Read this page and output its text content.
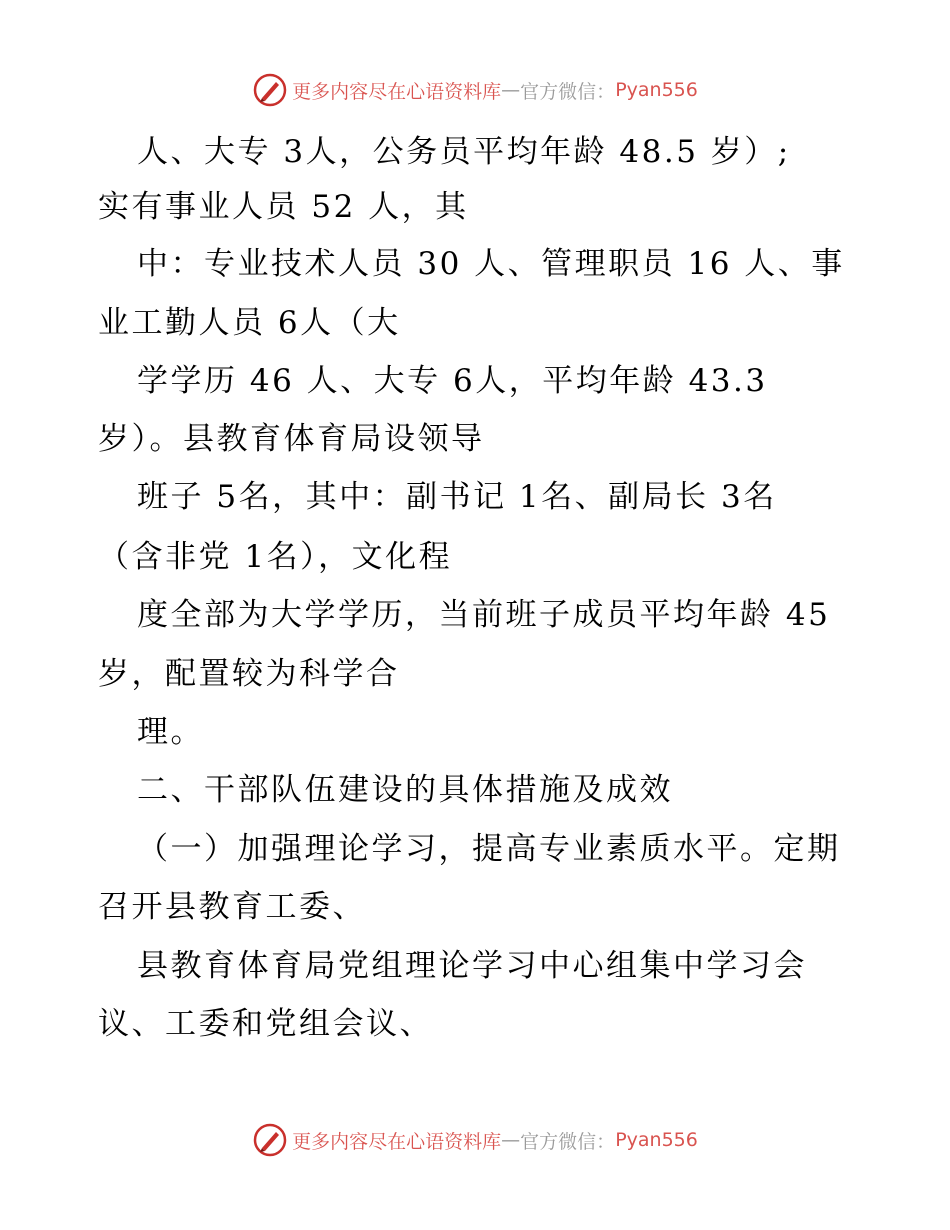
更多内容尽在心语资料库 — 官方微信： Pyan556
人、大专 3人，公务员平均年龄 48.5 岁）;
实有事业人员 52 人，其
中：专业技术人员 30 人、管理职员 16 人、事
业工勤人员 6人（大
学学历 46 人、大专 6人，平均年龄 43.3
岁）。县教育体育局设领导
班子 5名，其中：副书记 1名、副局长 3名
（含非党 1名），文化程
度全部为大学学历，当前班子成员平均年龄 45
岁，配置较为科学合
理。
二、干部队伍建设的具体措施及成效
（一）加强理论学习，提高专业素质水平。定期
召开县教育工委、
县教育体育局党组理论学习中心组集中学习会
议、工委和党组会议、
更多内容尽在心语资料库 — 官方微信： Pyan556
